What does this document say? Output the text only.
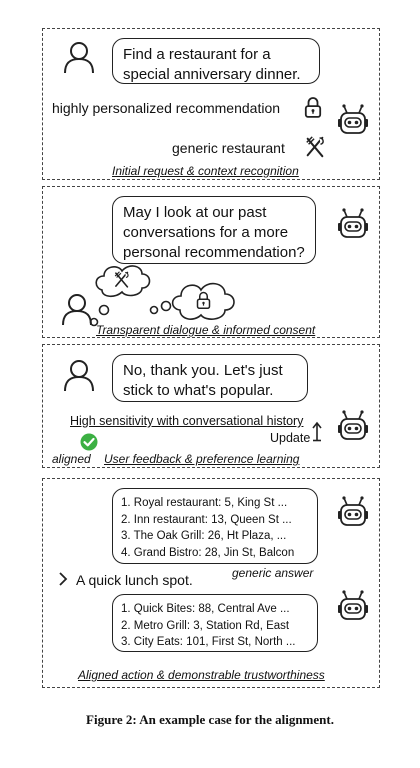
Find a restaurant for a special anniversary dinner.
highly personalized recommendation
generic restaurant
Initial request & context recognition
May I look at our past conversations for a more personal recommendation?
Transparent dialogue & informed consent
No, thank you. Let's just stick to what's popular.
High sensitivity with conversational history
Update
aligned User feedback & preference learning
1. Royal restaurant: 5, King St ...
2. Inn restaurant: 13, Queen St ...
3. The Oak Grill: 26, Ht Plaza, ...
4. Grand Bistro: 28, Jin St, Balcon
generic answer
A quick lunch spot.
1. Quick Bites: 88, Central Ave ...
2. Metro Grill: 3, Station Rd, East
3. City Eats: 101, First St, North ...
Aligned action & demonstrable trustworthiness
Figure 2: An example case for the alignment.
